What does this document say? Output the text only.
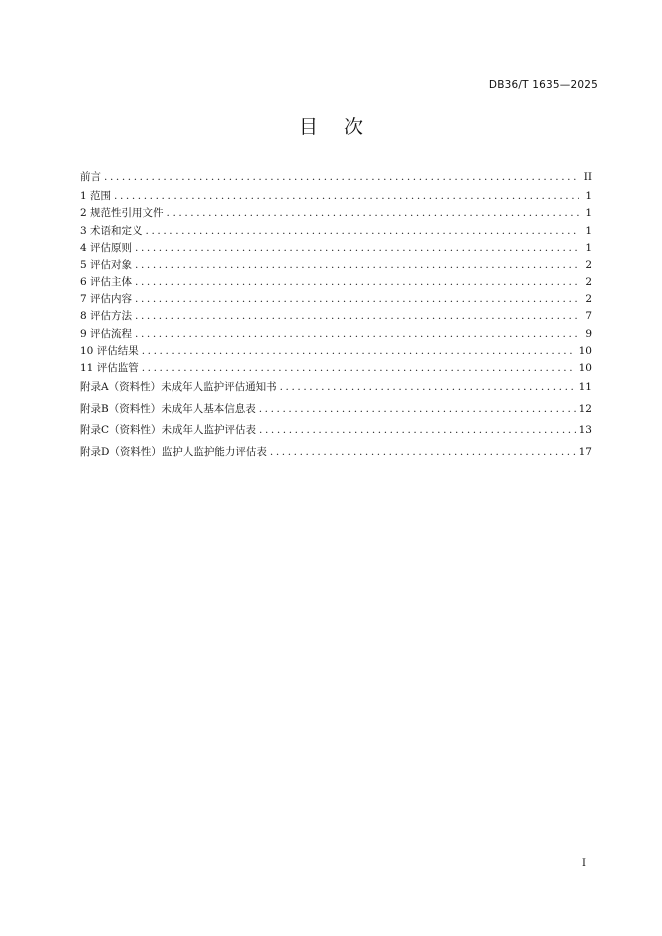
DB36/T 1635—2025
目次
前言 .....	II
1 范围 .....	1
2 规范性引用文件 .....	1
3 术语和定义 .....	1
4 评估原则 .....	1
5 评估对象 .....	2
6 评估主体 .....	2
7 评估内容 .....	2
8 评估方法 .....	7
9 评估流程 .....	9
10 评估结果 .....	10
11 评估监管 .....	10
附录A（资料性）未成年人监护评估通知书 .....	11
附录B（资料性）未成年人基本信息表 .....	12
附录C（资料性）未成年人监护评估表 .....	13
附录D（资料性）监护人监护能力评估表 .....	17
I
